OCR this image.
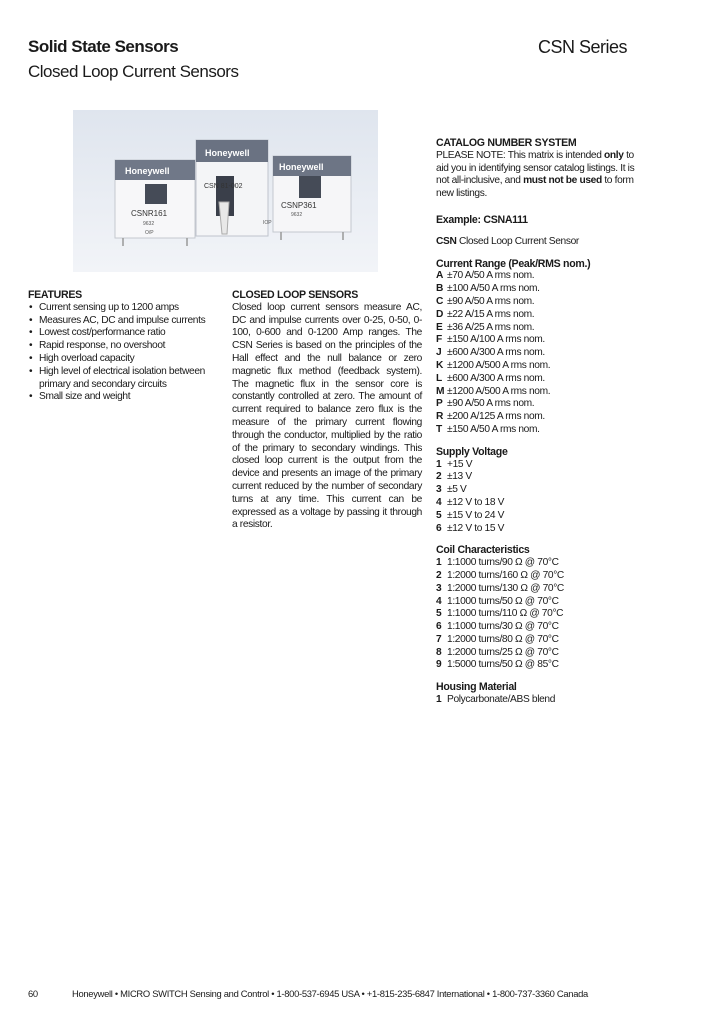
Solid State Sensors
Closed Loop Current Sensors
CSN Series
Honeywell
CSN 81-002
Honeywell
CSNR161
9632
O/P
Honeywell
CSNP361
9632
IOP
FEATURES
• Current sensing up to 1200 amps
• Measures AC, DC and impulse currents
• Lowest cost/performance ratio
• Rapid response, no overshoot
• High overload capacity
• High level of electrical isolation between primary and secondary circuits
• Small size and weight
CLOSED LOOP SENSORS

Closed loop current sensors measure AC, DC and impulse currents over 0-25, 0-50, 0-100, 0-600 and 0-1200 Amp ranges. The CSN Series is based on the principles of the Hall effect and the null balance or zero magnetic flux method (feedback system). The magnetic flux in the sensor core is constantly controlled at zero. The amount of current required to balance zero flux is the measure of the primary current flowing through the conductor, multiplied by the ratio of the primary to secondary windings. This closed loop current is the output from the device and presents an image of the primary current reduced by the number of secondary turns at any time. This current can be expressed as a voltage by passing it through a resistor.

CATALOG NUMBER SYSTEM

PLEASE NOTE: This matrix is intended only to aid you in identifying sensor catalog listings. It is not all-inclusive, and must not be used to form new listings.

Example: CSNA111

CSN Closed Loop Current Sensor

Current Range (Peak/RMS nom.)
A ±70 A/50 A rms nom.
B ±100 A/50 A rms nom.
C ±90 A/50 A rms nom.
D ±22 A/15 A rms nom.
E ±36 A/25 A rms nom.
F ±150 A/100 A rms nom.
J ±600 A/300 A rms nom.
K ±1200 A/500 A rms nom.
L ±600 A/300 A rms nom.
M ±1200 A/500 A rms nom.
P ±90 A/50 A rms nom.
R ±200 A/125 A rms nom.
T ±150 A/50 A rms nom.
Supply Voltage
1 +15 V
2 ±13 V
3 ±5 V
4 ±12 V to 18 V
5 ±15 V to 24 V
6 ±12 V to 15 V
Coil Characteristics
1 1:1000 turns/90 Ω @ 70°C
2 1:2000 turns/160 Ω @ 70°C
3 1:2000 turns/130 Ω @ 70°C
4 1:1000 turns/50 Ω @ 70°C
5 1:1000 turns/110 Ω @ 70°C
6 1:1000 turns/30 Ω @ 70°C
7 1:2000 turns/80 Ω @ 70°C
8 1:2000 turns/25 Ω @ 70°C
9 1:5000 turns/50 Ω @ 85°C
Housing Material
1 Polycarbonate/ABS blend
60	Honeywell • MICRO SWITCH Sensing and Control • 1-800-537-6945 USA • +1-815-235-6847 International • 1-800-737-3360 Canada
